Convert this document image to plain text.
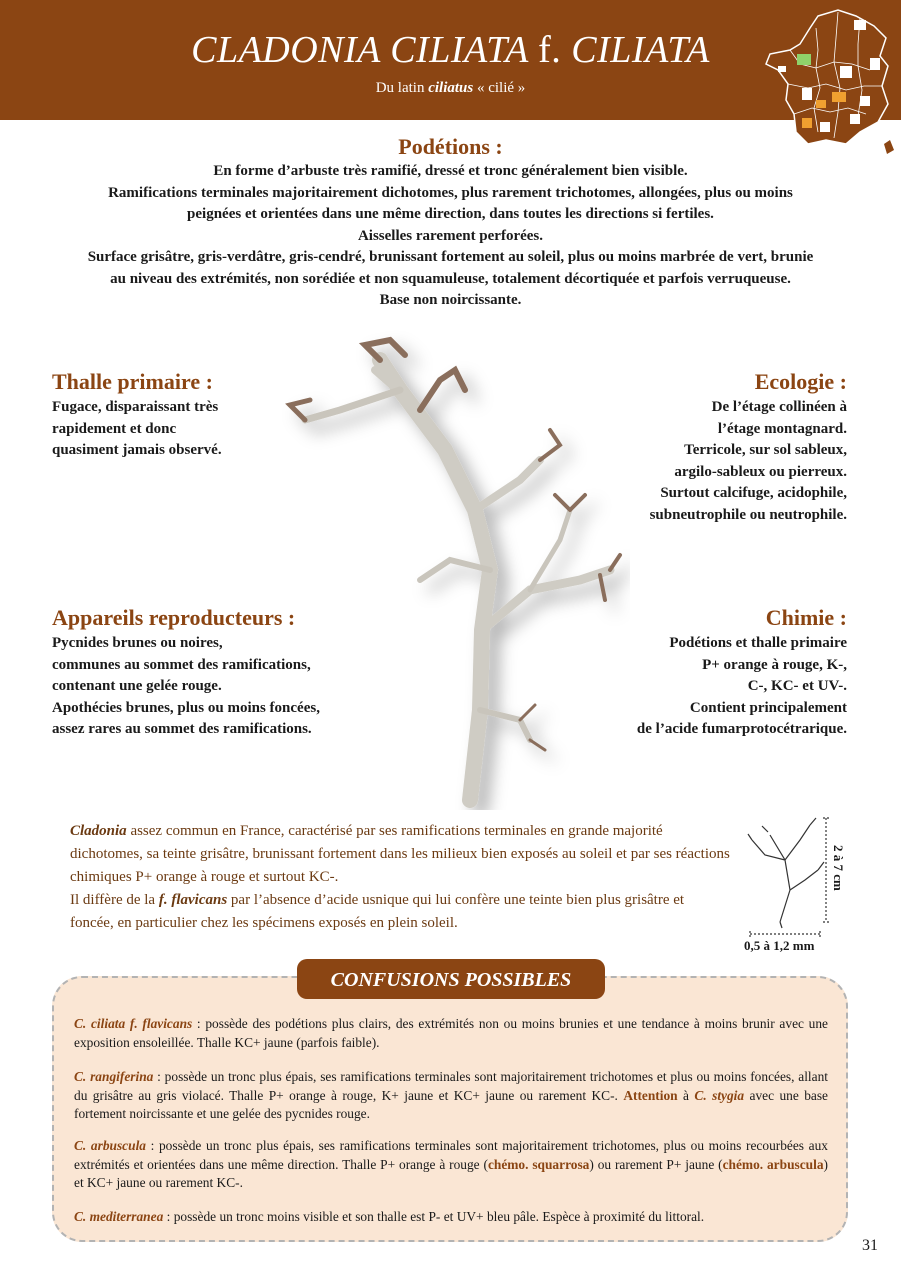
CLADONIA CILIATA f. CILIATA
Du latin ciliatus « cilié »
Podétions :
En forme d’arbuste très ramifié, dressé et tronc généralement bien visible.
Ramifications terminales majoritairement dichotomes, plus rarement trichotomes, allongées, plus ou moins
peignées et orientées dans une même direction, dans toutes les directions si fertiles.
Aisselles rarement perforées.
Surface grisâtre, gris-verdâtre, gris-cendré, brunissant fortement au soleil, plus ou moins marbrée de vert, brunie
au niveau des extrémités, non sorédiée et non squamuleuse, totalement décortiquée et parfois verruqueuse.
Base non noircissante.
Thalle primaire :
Fugace, disparaissant très
rapidement et donc
quasiment jamais observé.
Ecologie :
De l’étage collinéen à
l’étage montagnard.
Terricole, sur sol sableux,
argilo-sableux ou pierreux.
Surtout calcifuge, acidophile,
subneutrophile ou neutrophile.
Appareils reproducteurs :
Pycnides brunes ou noires,
communes au sommet des ramifications,
contenant une gelée rouge.
Apothécies brunes, plus ou moins foncées,
assez rares au sommet des ramifications.
Chimie :
Podétions et thalle primaire
P+ orange à rouge, K-,
C-, KC- et UV-.
Contient principalement
de l’acide fumarprotocétrarique.
Cladonia assez commun en France, caractérisé par ses ramifications terminales en grande majorité dichotomes, sa teinte grisâtre, brunissant fortement dans les milieux bien exposés au soleil et par ses réactions chimiques P+ orange à rouge et surtout KC-.
Il diffère de la f. flavicans par l’absence d’acide usnique qui lui confère une teinte bien plus grisâtre et foncée, en particulier chez les spécimens exposés en plein soleil.
2 à 7 cm
0,5 à 1,2 mm
CONFUSIONS POSSIBLES
C. ciliata f. flavicans : possède des podétions plus clairs, des extrémités non ou moins brunies et une tendance à moins brunir avec une exposition ensoleillée. Thalle KC+ jaune (parfois faible).
C. rangiferina : possède un tronc plus épais, ses ramifications terminales sont majoritairement trichotomes et plus ou moins foncées, allant du grisâtre au gris violacé. Thalle P+ orange à rouge, K+ jaune et KC+ jaune ou rarement KC-. Attention à C. stygia avec une base fortement noircissante et une gelée des pycnides rouge.
C. arbuscula : possède un tronc plus épais, ses ramifications terminales sont majoritairement trichotomes, plus ou moins recourbées aux extrémités et orientées dans une même direction. Thalle P+ orange à rouge (chémo. squarrosa) ou rarement P+ jaune (chémo. arbuscula) et KC+ jaune ou rarement KC-.
C. mediterranea : possède un tronc moins visible et son thalle est P- et UV+ bleu pâle. Espèce à proximité du littoral.
31
